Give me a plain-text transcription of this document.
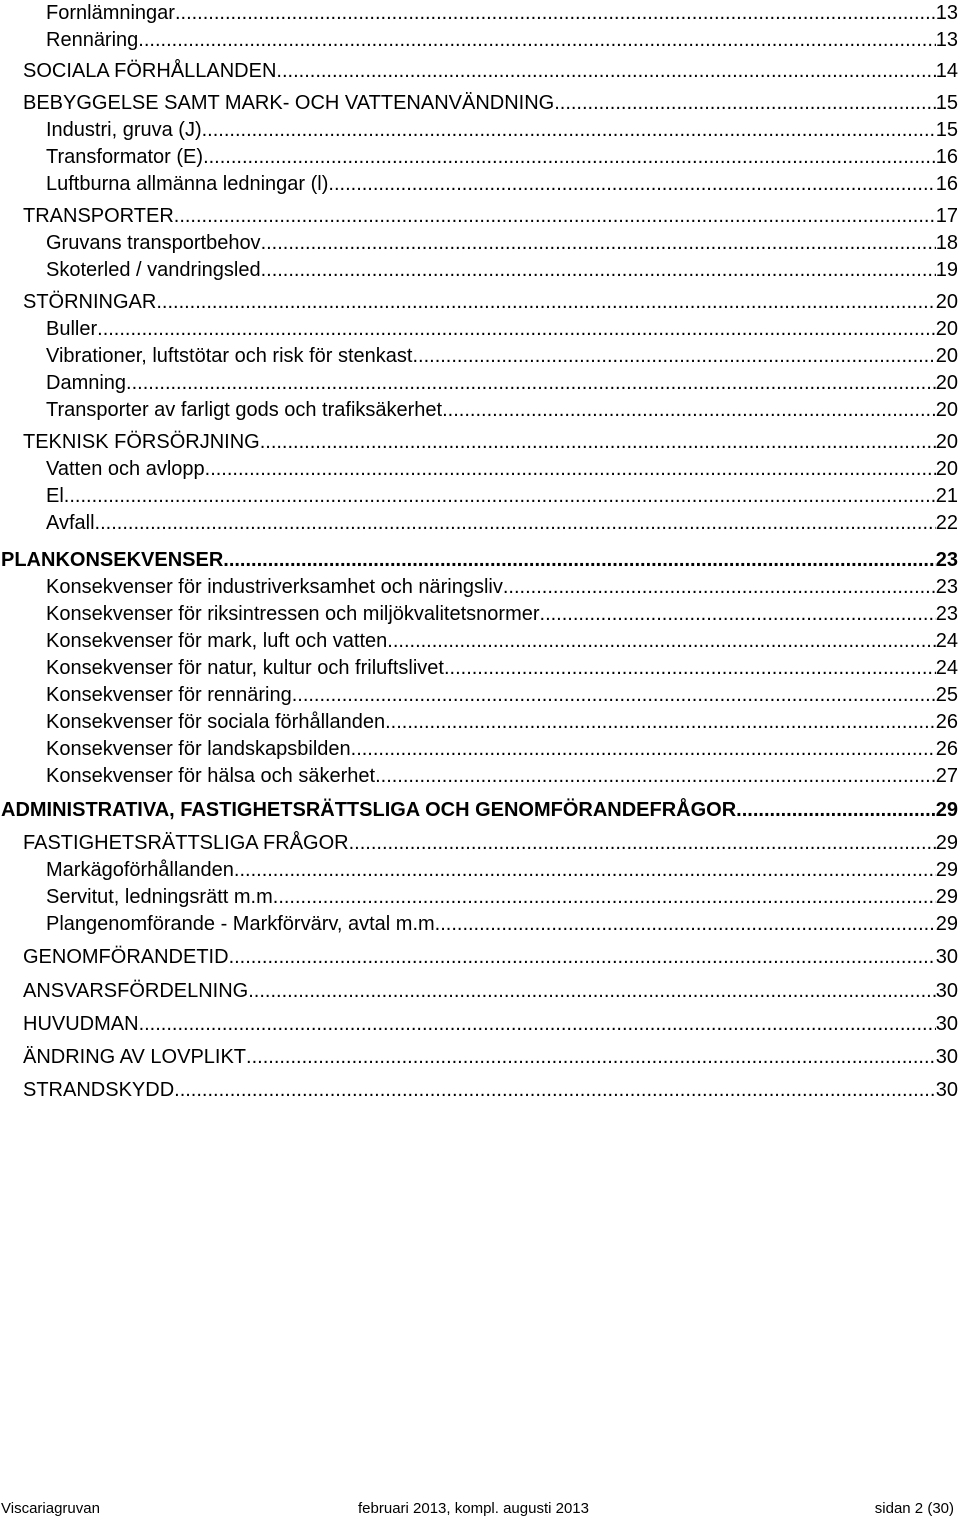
Fornlämningar .....	13
Rennäring .....	13
SOCIALA FÖRHÅLLANDEN .....	14
BEBYGGELSE SAMT MARK- OCH VATTENANVÄNDNING .....	15
Industri, gruva (J) .....	15
Transformator (E) .....	16
Luftburna allmänna ledningar (l) .....	16
TRANSPORTER .....	17
Gruvans transportbehov .....	18
Skoterled / vandringsled .....	19
STÖRNINGAR .....	20
Buller .....	20
Vibrationer, luftstötar och risk för stenkast .....	20
Damning .....	20
Transporter av farligt gods och trafiksäkerhet .....	20
TEKNISK FÖRSÖRJNING .....	20
Vatten och avlopp .....	20
El .....	21
Avfall .....	22
PLANKONSEKVENSER .....	23
Konsekvenser för industriverksamhet och näringsliv .....	23
Konsekvenser för riksintressen och miljökvalitetsnormer .....	23
Konsekvenser för mark, luft och vatten .....	24
Konsekvenser för natur, kultur och friluftslivet .....	24
Konsekvenser för rennäring .....	25
Konsekvenser för sociala förhållanden .....	26
Konsekvenser för landskapsbilden .....	26
Konsekvenser för hälsa och säkerhet .....	27
ADMINISTRATIVA, FASTIGHETSRÄTTSLIGA OCH GENOMFÖRANDEFRÅGOR .....	29
FASTIGHETSRÄTTSLIGA FRÅGOR .....	29
Markägoförhållanden .....	29
Servitut, ledningsrätt m.m. .....	29
Plangenomförande - Markförvärv, avtal m.m. .....	29
GENOMFÖRANDETID .....	30
ANSVARSFÖRDELNING .....	30
HUVUDMAN .....	30
ÄNDRING AV LOVPLIKT .....	30
STRANDSKYDD .....	30
Viscariagruvan	februari 2013, kompl. augusti 2013	sidan 2 (30)
